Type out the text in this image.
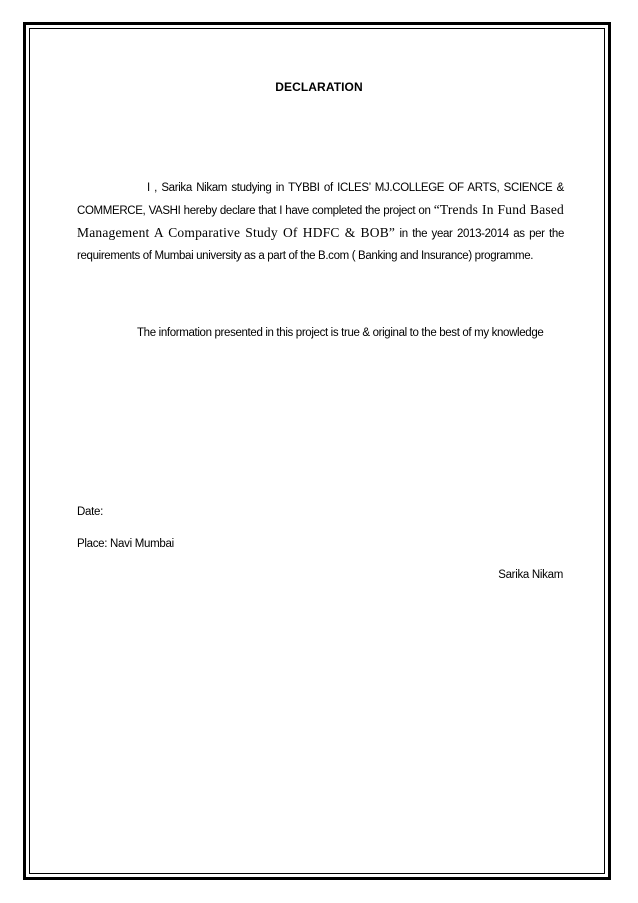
DECLARATION
I , Sarika Nikam studying in TYBBI of ICLES’ MJ.COLLEGE OF ARTS, SCIENCE & COMMERCE, VASHI hereby declare that I have completed the project on “Trends In Fund Based Management A Comparative Study Of HDFC & BOB” in the year 2013-2014 as per the requirements of Mumbai university as a part of the B.com ( Banking and Insurance) programme.
The information presented in this project is true & original to the best of my knowledge
Date:
Place: Navi Mumbai
Sarika Nikam
